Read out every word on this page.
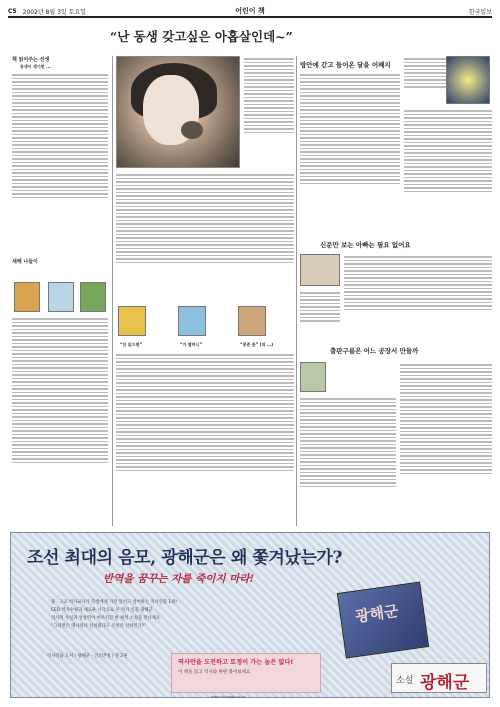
C5 2002년 8월 3일 토요일	어린이 책	한국일보
“난 동생 갖고싶은 아홉살인데~”
책 읽어주는 선생
동생이 생기면 ...
새해 나들이
“안 읽으면”	“가 할머니”	“봉준 관” (의 ...)
방안에 갇고 들어온 달을 어째지
신문만 보는 아빠는 필요 없어요
출판구름은 어느 공장서 만들까
조선 최대의 음모, 광해군은 왜 쫓겨났는가?
반역을 꿈꾸는 자를 죽이지 마라!
중 · 고교 역사교사가 학생에게 가장 읽히고 싶어하는 역사인물 1위!
CEO 역사수필과 새로운 시각으로 본 역사 인물 광해군
역사적 사실과 상상력이 어우러진 한 편의 소설을 만나세요
“그러면은 명나라의 신하였다구 조선의 신하인가?”
광해군
역사학습 도서 / 광해군 · 인조반정 / 전 2권
역사만을 도전하고 토정이 가는 놈은 없다!
이 책을 읽고 역사와 한판 붙어보세요
소설 광해군
www.chungdo.co.kr
